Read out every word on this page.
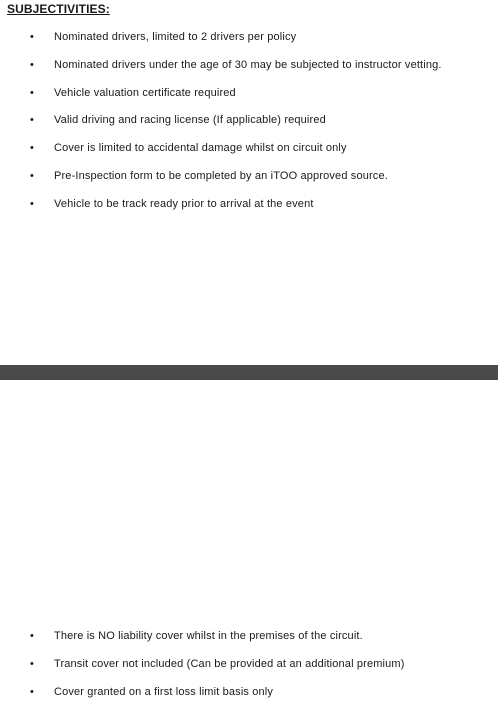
SUBJECTIVITIES:
• Nominated drivers, limited to 2 drivers per policy
• Nominated drivers under the age of 30 may be subjected to instructor vetting.
• Vehicle valuation certificate required
• Valid driving and racing license (If applicable) required
• Cover is limited to accidental damage whilst on circuit only
• Pre-Inspection form to be completed by an iTOO approved source.
• Vehicle to be track ready prior to arrival at the event
• There is NO liability cover whilst in the premises of the circuit.
• Transit cover not included (Can be provided at an additional premium)
• Cover granted on a first loss limit basis only
